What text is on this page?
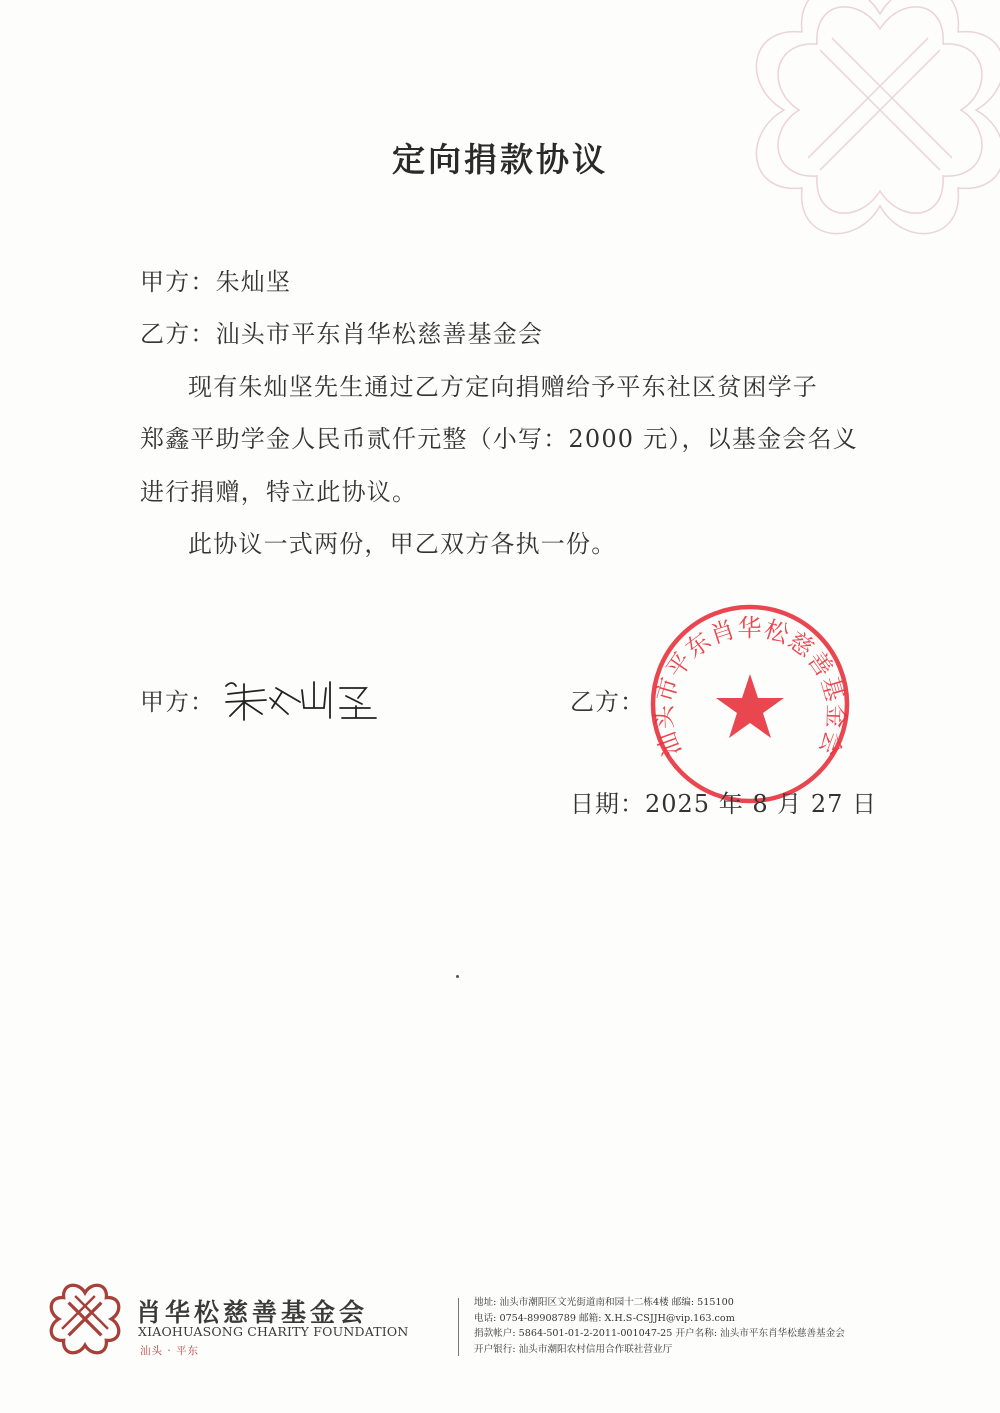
定向捐款协议
甲方：朱灿坚
乙方：汕头市平东肖华松慈善基金会
现有朱灿坚先生通过乙方定向捐赠给予平东社区贫困学子
郑鑫平助学金人民币贰仟元整（小写：2000 元），以基金会名义
进行捐赠，特立此协议。
此协议一式两份，甲乙双方各执一份。
甲方：	乙方：
汕头市平东肖华松慈善基金会
日期：2025 年 8 月 27 日
肖华松慈善基金会
XIAOHUASONG CHARITY FOUNDATION
汕头 · 平东
地址: 汕头市潮阳区文光街道南和园十二栋4楼 邮编: 515100
电话: 0754-89908789 邮箱: X.H.S-CSJJH@vip.163.com
捐款帐户: 5864-501-01-2-2011-001047-25 开户名称: 汕头市平东肖华松慈善基金会
开户银行: 汕头市潮阳农村信用合作联社营业厅
